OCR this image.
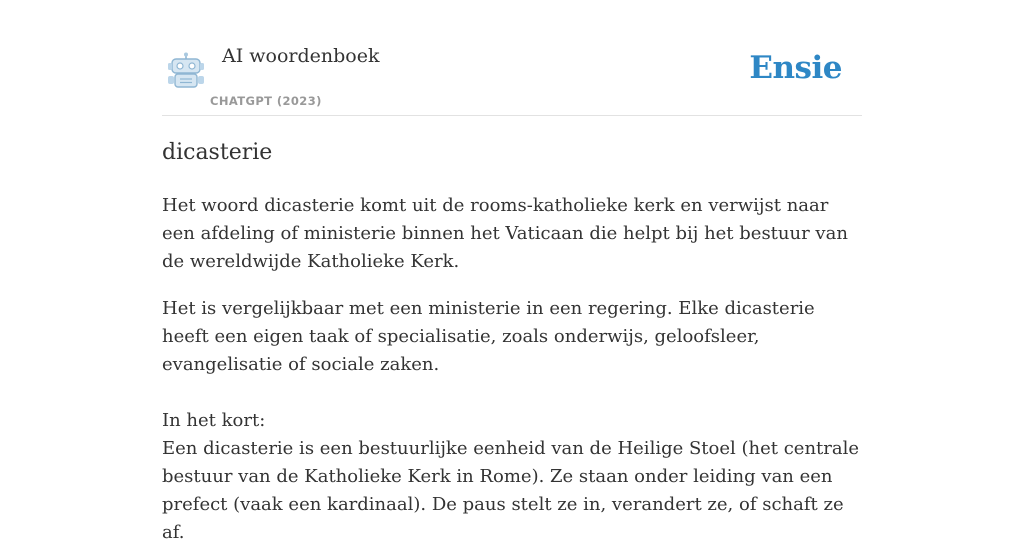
AI woordenboek
CHATGPT (2023)
Ensie
dicasterie

Het woord dicasterie komt uit de rooms-katholieke kerk en verwijst naar een afdeling of ministerie binnen het Vaticaan die helpt bij het bestuur van de wereldwijde Katholieke Kerk.

Het is vergelijkbaar met een ministerie in een regering. Elke dicasterie heeft een eigen taak of specialisatie, zoals onderwijs, geloofsleer, evangelisatie of sociale zaken.

In het kort:
Een dicasterie is een bestuurlijke eenheid van de Heilige Stoel (het centrale bestuur van de Katholieke Kerk in Rome). Ze staan onder leiding van een prefect (vaak een kardinaal). De paus stelt ze in, verandert ze, of schaft ze af.
